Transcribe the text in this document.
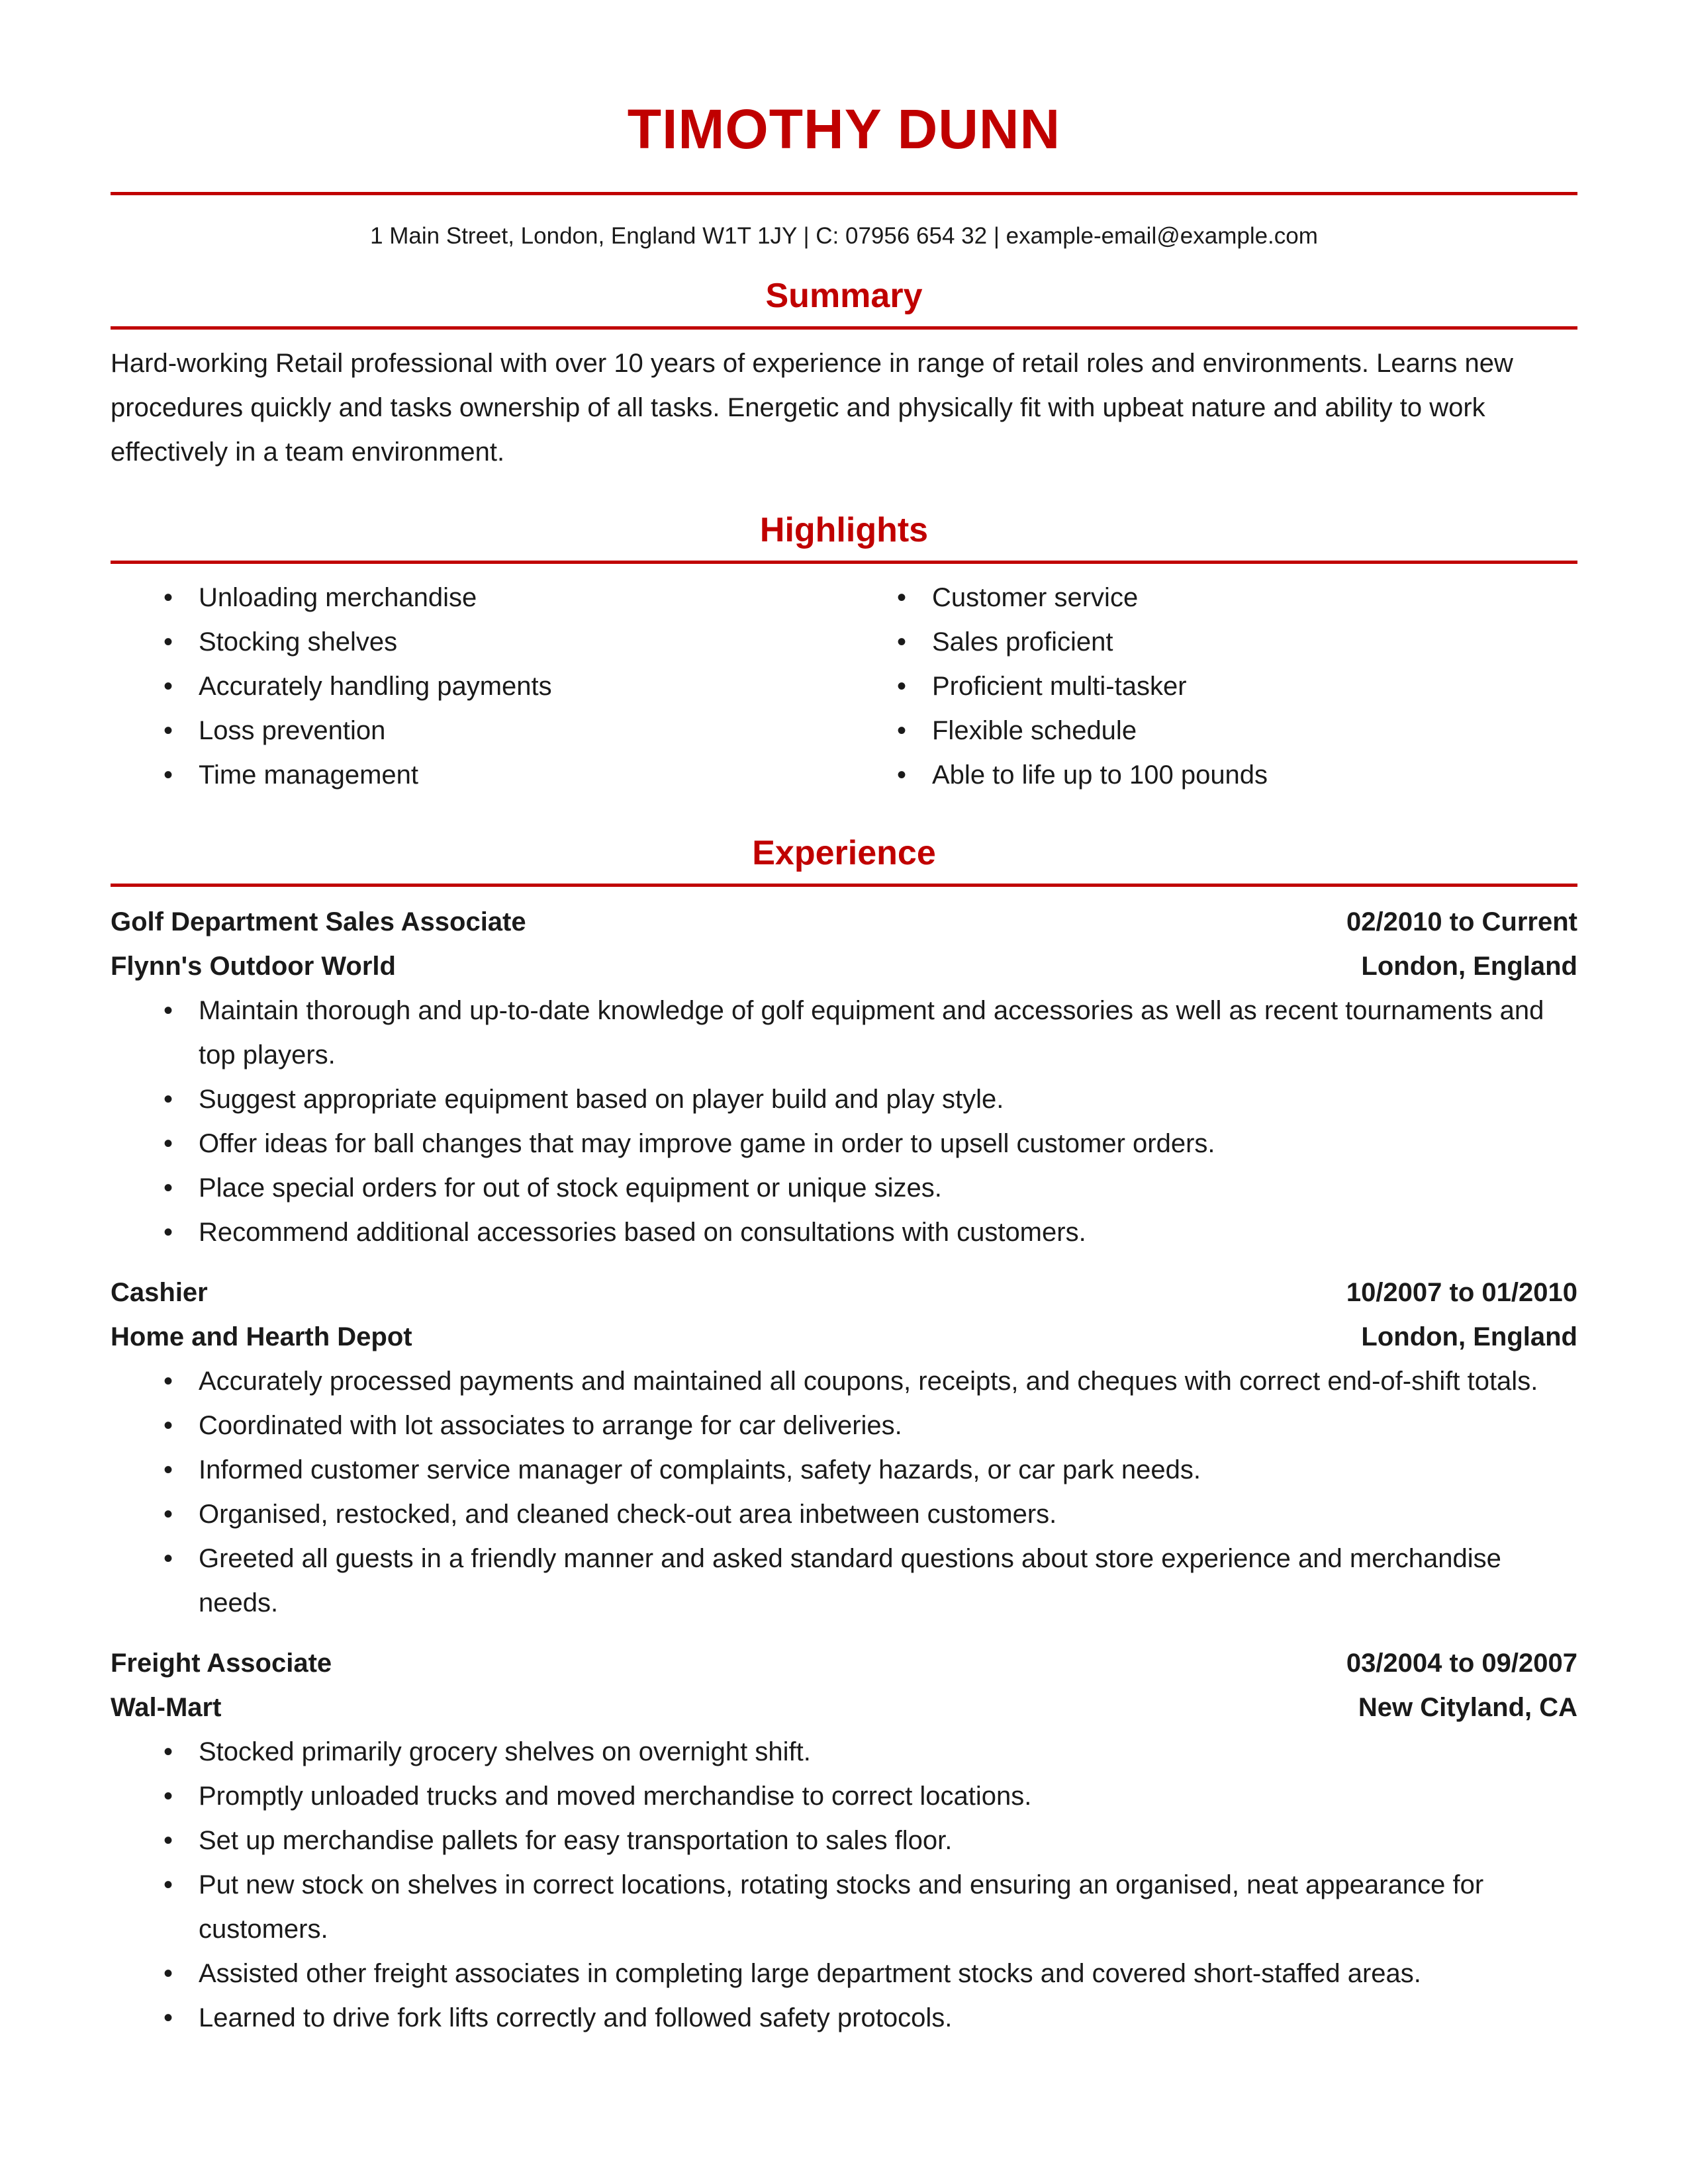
TIMOTHY DUNN
1 Main Street, London, England W1T 1JY | C: 07956 654 32 | example-email@example.com
Summary
Hard-working Retail professional with over 10 years of experience in range of retail roles and environments. Learns new procedures quickly and tasks ownership of all tasks. Energetic and physically fit with upbeat nature and ability to work effectively in a team environment.
Highlights
• Unloading merchandise
• Stocking shelves
• Accurately handling payments
• Loss prevention
• Time management
• Customer service
• Sales proficient
• Proficient multi-tasker
• Flexible schedule
• Able to life up to 100 pounds
Experience
Golf Department Sales Associate	02/2010 to Current
Flynn's Outdoor World	London, England
• Maintain thorough and up-to-date knowledge of golf equipment and accessories as well as recent tournaments and top players.
• Suggest appropriate equipment based on player build and play style.
• Offer ideas for ball changes that may improve game in order to upsell customer orders.
• Place special orders for out of stock equipment or unique sizes.
• Recommend additional accessories based on consultations with customers.
Cashier	10/2007 to 01/2010
Home and Hearth Depot	London, England
• Accurately processed payments and maintained all coupons, receipts, and cheques with correct end-of-shift totals.
• Coordinated with lot associates to arrange for car deliveries.
• Informed customer service manager of complaints, safety hazards, or car park needs.
• Organised, restocked, and cleaned check-out area inbetween customers.
• Greeted all guests in a friendly manner and asked standard questions about store experience and merchandise needs.
Freight Associate	03/2004 to 09/2007
Wal-Mart	New Cityland, CA
• Stocked primarily grocery shelves on overnight shift.
• Promptly unloaded trucks and moved merchandise to correct locations.
• Set up merchandise pallets for easy transportation to sales floor.
• Put new stock on shelves in correct locations, rotating stocks and ensuring an organised, neat appearance for customers.
• Assisted other freight associates in completing large department stocks and covered short-staffed areas.
• Learned to drive fork lifts correctly and followed safety protocols.
